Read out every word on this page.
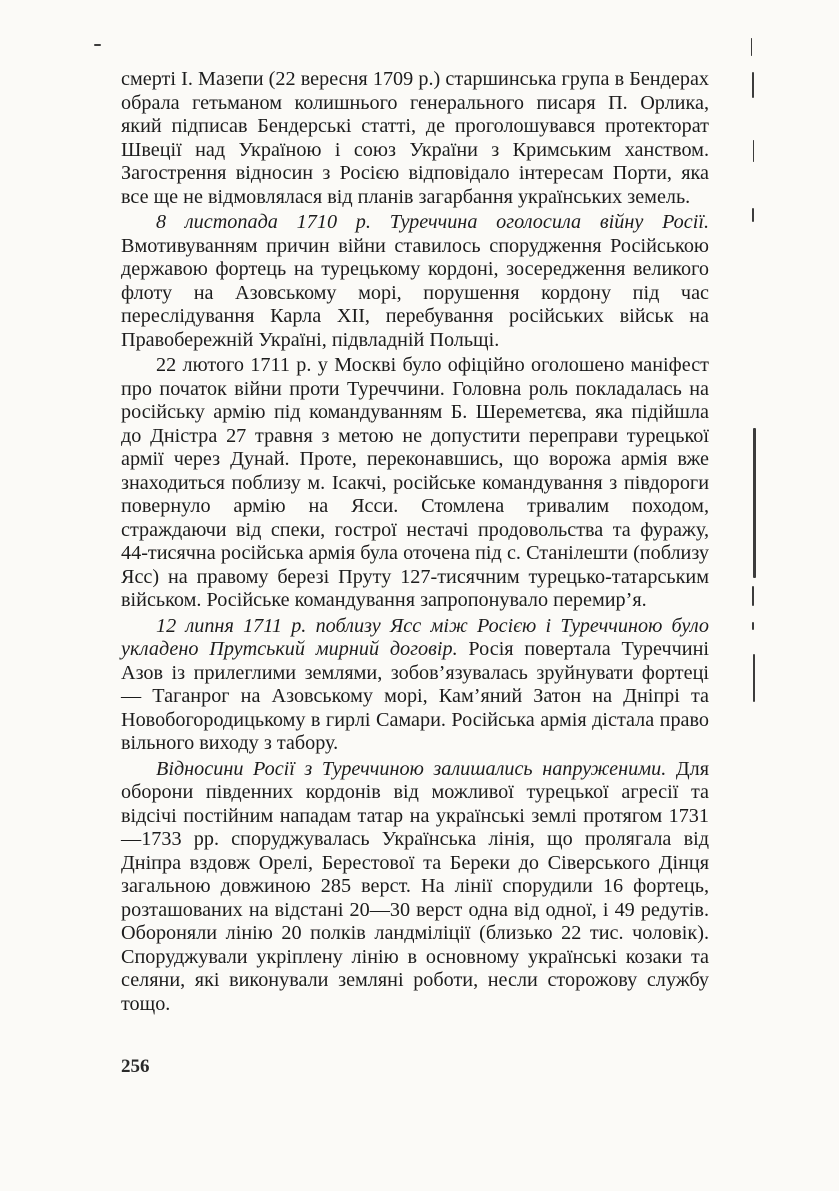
смерті І. Мазепи (22 вересня 1709 р.) старшинська група в Бендерах обрала гетьманом колишнього генерального писаря П. Орлика, який підписав Бендерські статті, де проголошувався протекторат Швеції над Україною і союз України з Кримським ханством. Загострення відносин з Росією відповідало інтересам Порти, яка все ще не відмовлялася від планів загарбання українських земель.

8 листопада 1710 р. Туреччина оголосила війну Росії. Вмотивуванням причин війни ставилось спорудження Російською державою фортець на турецькому кордоні, зосередження великого флоту на Азовському морі, порушення кордону під час переслідування Карла XII, перебування російських військ на Правобережній Україні, підвладній Польщі.

22 лютого 1711 р. у Москві було офіційно оголошено маніфест про початок війни проти Туреччини. Головна роль покладалась на російську армію під командуванням Б. Шереметєва, яка підійшла до Дністра 27 травня з метою не допустити переправи турецької армії через Дунай. Проте, переконавшись, що ворожа армія вже знаходиться поблизу м. Ісакчі, російське командування з півдороги повернуло армію на Ясси. Стомлена тривалим походом, страждаючи від спеки, гострої нестачі продовольства та фуражу, 44-тисячна російська армія була оточена під с. Станілешти (поблизу Ясс) на правому березі Пруту 127-тисячним турецько-татарським військом. Російське командування запропонувало перемир’я.

12 липня 1711 р. поблизу Ясс між Росією і Туреччиною було укладено Прутський мирний договір. Росія повертала Туреччині Азов із прилеглими землями, зобов’язувалась зруйнувати фортеці — Таганрог на Азовському морі, Кам’яний Затон на Дніпрі та Новобогородицькому в гирлі Самари. Російська армія дістала право вільного виходу з табору.

Відносини Росії з Туреччиною залишались напруженими. Для оборони південних кордонів від можливої турецької агресії та відсічі постійним нападам татар на українські землі протягом 1731—1733 рр. споруджувалась Українська лінія, що пролягала від Дніпра вздовж Орелі, Берестової та Береки до Сіверського Дінця загальною довжиною 285 верст. На лінії спорудили 16 фортець, розташованих на відстані 20—30 верст одна від одної, і 49 редутів. Обороняли лінію 20 полків ландміліції (близько 22 тис. чоловік). Споруджували укріплену лінію в основному українські козаки та селяни, які виконували земляні роботи, несли сторожову службу тощо.

256
